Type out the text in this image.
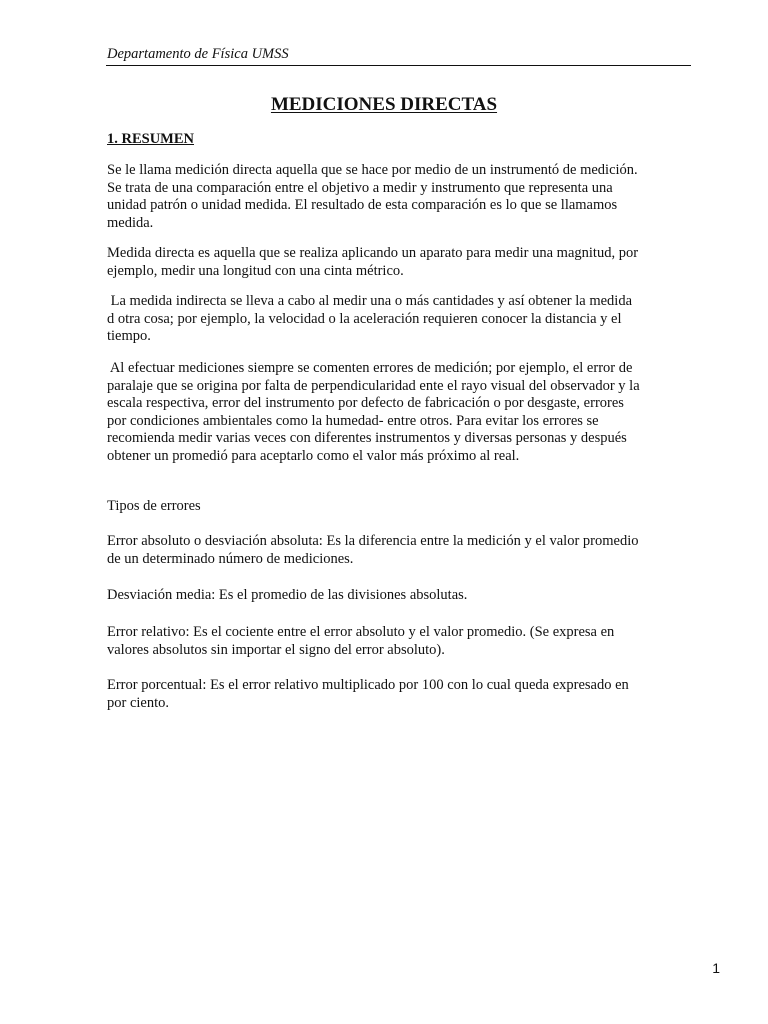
Departamento de Física UMSS
MEDICIONES DIRECTAS
1. RESUMEN
Se le llama medición directa aquella que se hace por medio de un instrumentó de medición.
Se trata de una comparación entre el objetivo a medir y instrumento que representa una
unidad patrón o unidad medida. El resultado de esta comparación es lo que se llamamos
medida.
Medida directa es aquella que se realiza aplicando un aparato para medir una magnitud, por
ejemplo, medir una longitud con una cinta métrico.
La medida indirecta se lleva a cabo al medir una o más cantidades y así obtener la medida
d otra cosa; por ejemplo, la velocidad o la aceleración requieren conocer la distancia y el
tiempo.
Al efectuar mediciones siempre se comenten errores de medición; por ejemplo, el error de
paralaje que se origina por falta de perpendicularidad ente el rayo visual del observador y la
escala respectiva, error del instrumento por defecto de fabricación o por desgaste, errores
por condiciones ambientales como la humedad- entre otros. Para evitar los errores se
recomienda medir varias veces con diferentes instrumentos y diversas personas y después
obtener un promedió para aceptarlo como el valor más próximo al real.
Tipos de errores
Error absoluto o desviación absoluta: Es la diferencia entre la medición y el valor promedio
de un determinado número de mediciones.
Desviación media: Es el promedio de las divisiones absolutas.
Error relativo: Es el cociente entre el error absoluto y el valor promedio. (Se expresa en
valores absolutos sin importar el signo del error absoluto).
Error porcentual: Es el error relativo multiplicado por 100 con lo cual queda expresado en
por ciento.
1
